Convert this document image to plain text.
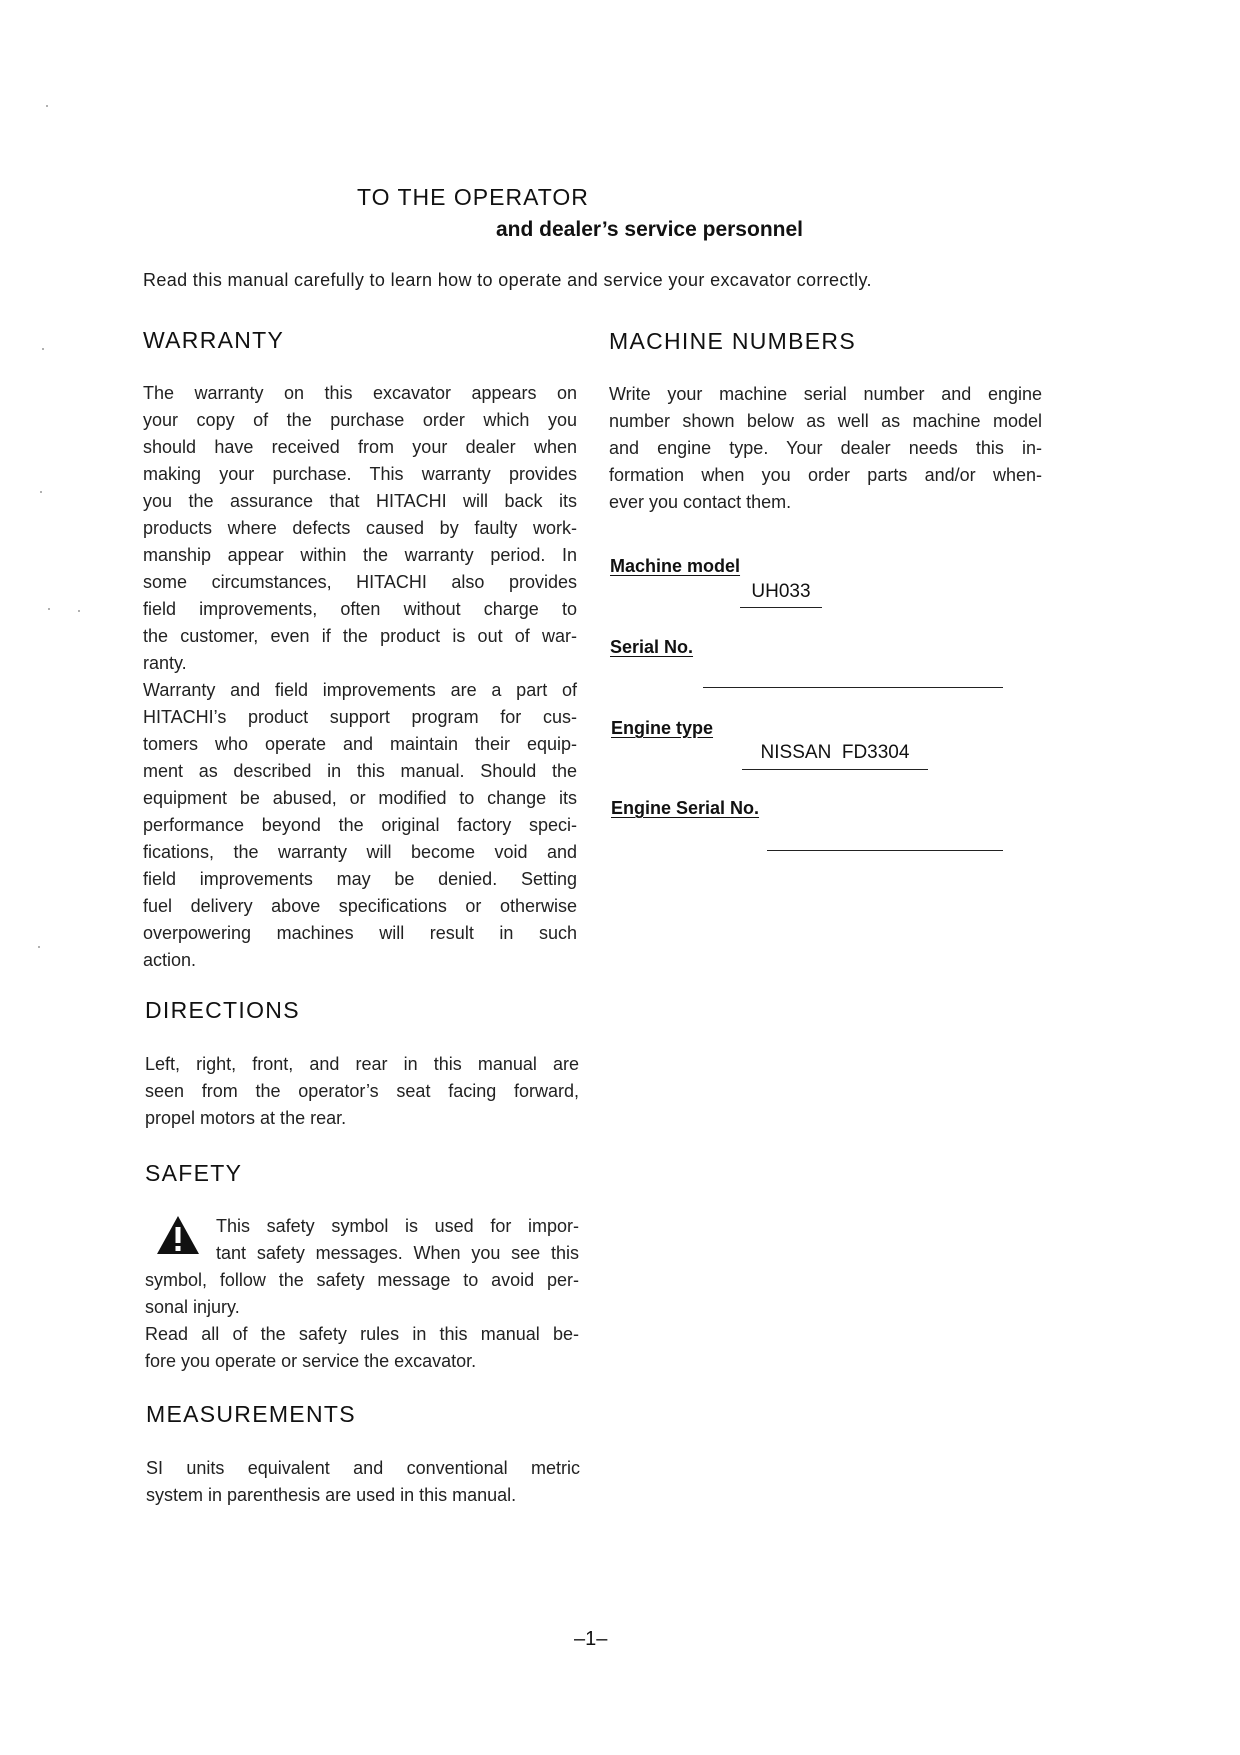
TO THE OPERATOR
and dealer’s service personnel
Read this manual carefully to learn how to operate and service your excavator correctly.
WARRANTY
The warranty on this excavator appears on
your copy of the purchase order which you
should have received from your dealer when
making your purchase. This warranty provides
you the assurance that HITACHI will back its
products where defects caused by faulty work-
manship appear within the warranty period. In
some circumstances, HITACHI also provides
field improvements, often without charge to
the customer, even if the product is out of war-
ranty.
Warranty and field improvements are a part of
HITACHI’s product support program for cus-
tomers who operate and maintain their equip-
ment as described in this manual. Should the
equipment be abused, or modified to change its
performance beyond the original factory speci-
fications, the warranty will become void and
field improvements may be denied. Setting
fuel delivery above specifications or otherwise
overpowering machines will result in such
action.
DIRECTIONS
Left, right, front, and rear in this manual are
seen from the operator’s seat facing forward,
propel motors at the rear.
SAFETY
This safety symbol is used for impor-
tant safety messages. When you see this
symbol, follow the safety message to avoid per-
sonal injury.
Read all of the safety rules in this manual be-
fore you operate or service the excavator.
MEASUREMENTS
SI units equivalent and conventional metric
system in parenthesis are used in this manual.
MACHINE NUMBERS
Write your machine serial number and engine
number shown below as well as machine model
and engine type. Your dealer needs this in-
formation when you order parts and/or when-
ever you contact them.
Machine model
UH033
Serial No.
Engine type
NISSAN  FD3304
Engine Serial No.
–1–
